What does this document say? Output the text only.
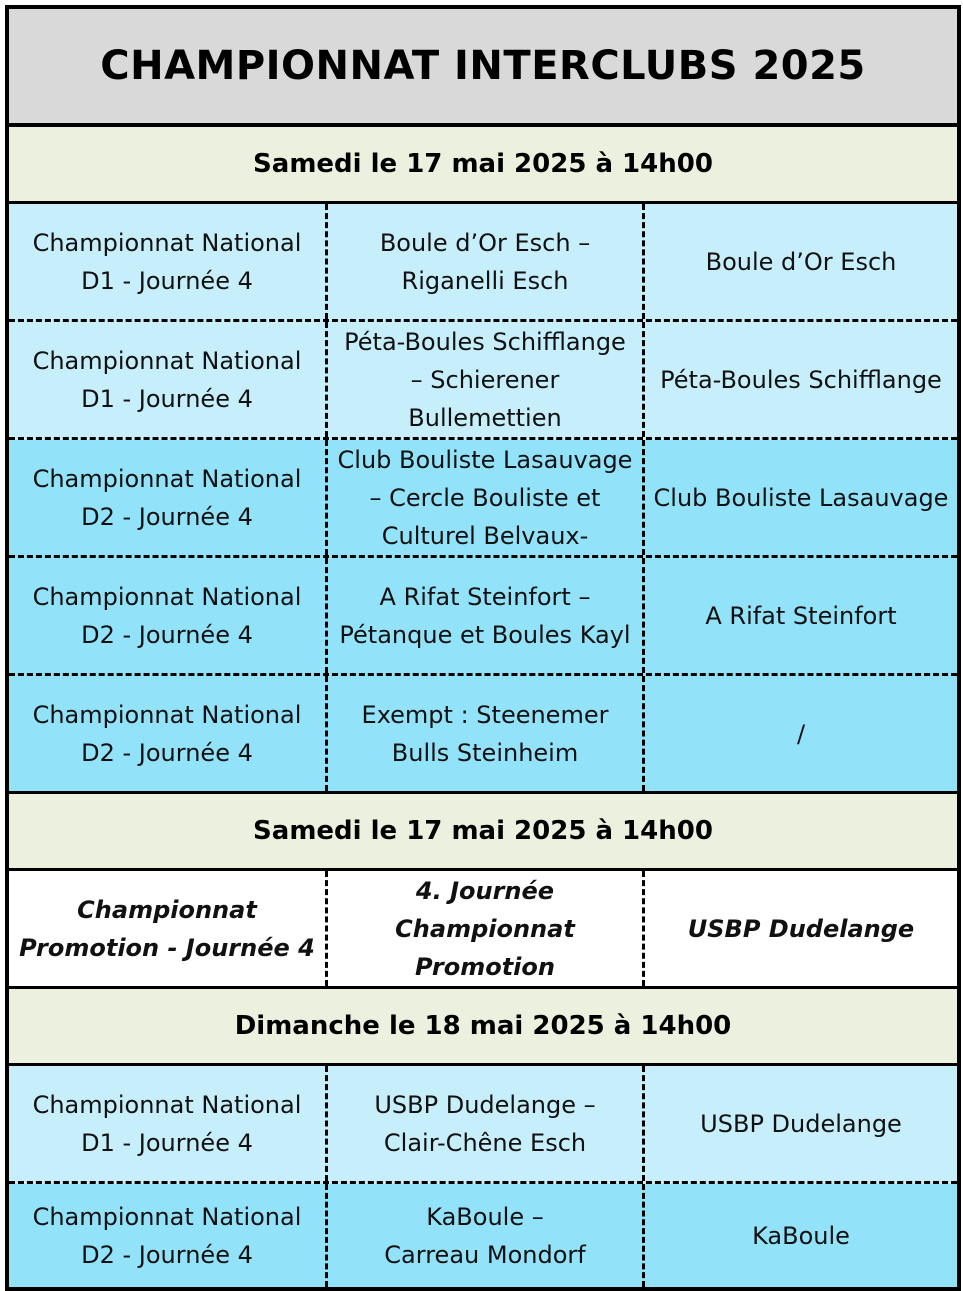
CHAMPIONNAT INTERCLUBS 2025
Samedi le 17 mai 2025 à 14h00
Championnat National
D1 - Journée 4
Boule d’Or Esch –
Riganelli Esch
Boule d’Or Esch
Championnat National
D1 - Journée 4
Péta-Boules Schifflange
– Schierener
Bullemettien
Péta-Boules Schifflange
Championnat National
D2 - Journée 4
Club Bouliste Lasauvage
– Cercle Bouliste et
Culturel Belvaux-
Club Bouliste Lasauvage
Championnat National
D2 - Journée 4
A Rifat Steinfort –
Pétanque et Boules Kayl
A Rifat Steinfort
Championnat National
D2 - Journée 4
Exempt : Steenemer
Bulls Steinheim
/
Samedi le 17 mai 2025 à 14h00
Championnat
Promotion - Journée 4
4. Journée
Championnat
Promotion
USBP Dudelange
Dimanche le 18 mai 2025 à 14h00
Championnat National
D1 - Journée 4
USBP Dudelange –
Clair-Chêne Esch
USBP Dudelange
Championnat National
D2 - Journée 4
KaBoule –
Carreau Mondorf
KaBoule
